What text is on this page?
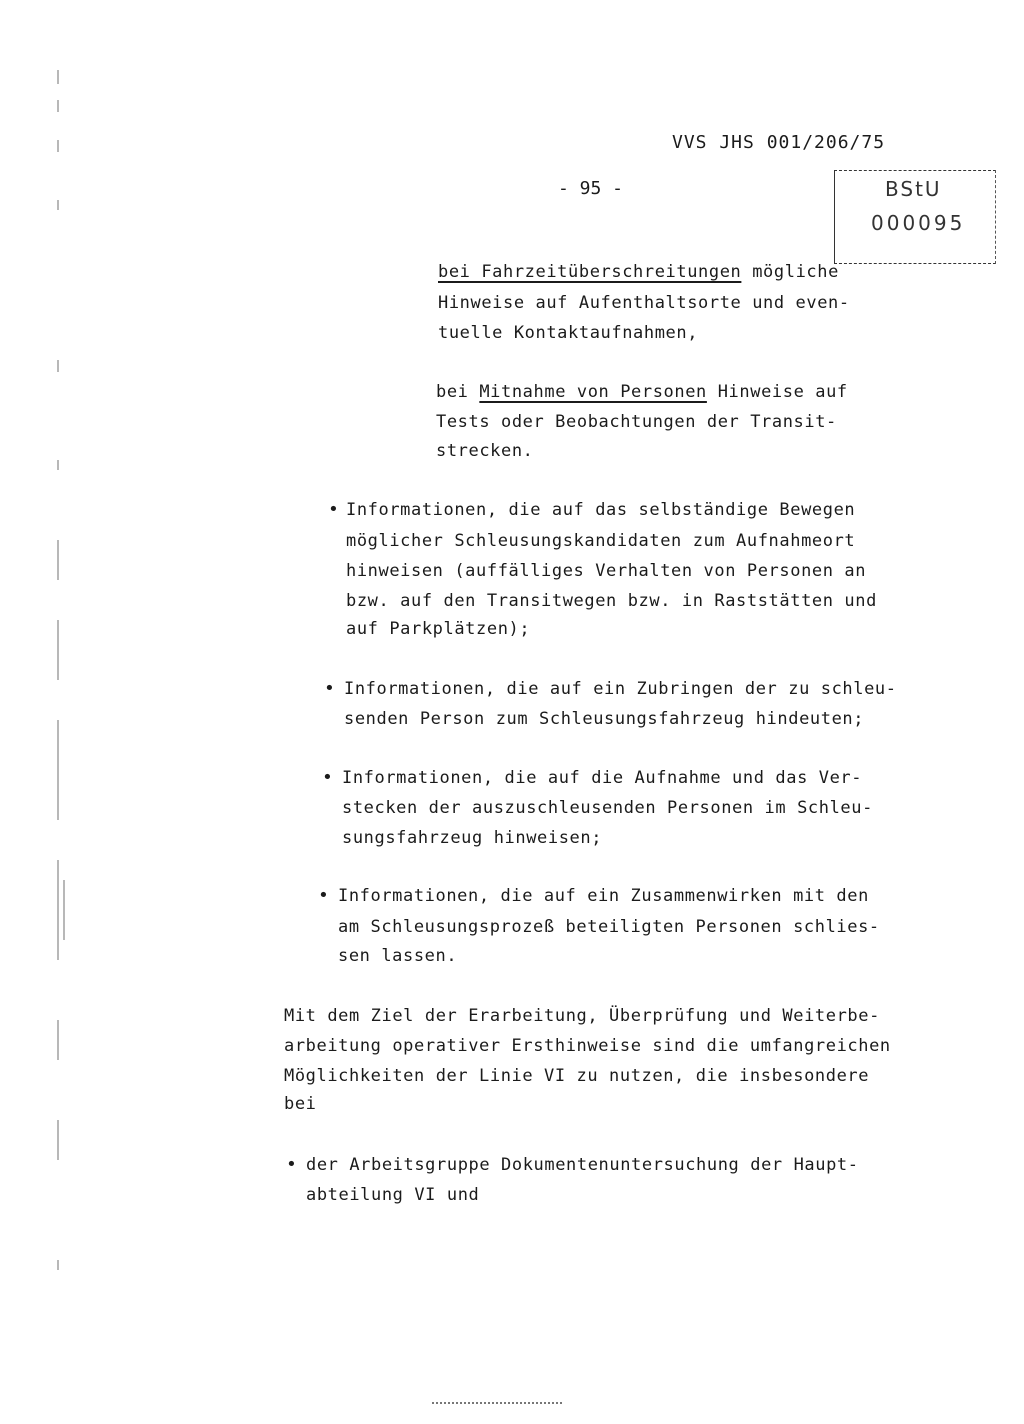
VVS JHS 001/206/75
- 95 -	BStU
000095
bei Fahrzeitüberschreitungen mögliche
Hinweise auf Aufenthaltsorte und even-
tuelle Kontaktaufnahmen,
bei Mitnahme von Personen Hinweise auf
Tests oder Beobachtungen der Transit-
strecken.
• Informationen, die auf das selbständige Bewegen
möglicher Schleusungskandidaten zum Aufnahmeort
hinweisen (auffälliges Verhalten von Personen an
bzw. auf den Transitwegen bzw. in Raststätten und
auf Parkplätzen);
• Informationen, die auf ein Zubringen der zu schleu-
senden Person zum Schleusungsfahrzeug hindeuten;
• Informationen, die auf die Aufnahme und das Ver-
stecken der auszuschleusenden Personen im Schleu-
sungsfahrzeug hinweisen;
• Informationen, die auf ein Zusammenwirken mit den
am Schleusungsprozeß beteiligten Personen schlies-
sen lassen.
Mit dem Ziel der Erarbeitung, Überprüfung und Weiterbe-
arbeitung operativer Ersthinweise sind die umfangreichen
Möglichkeiten der Linie VI zu nutzen, die insbesondere
bei
• der Arbeitsgruppe Dokumentenuntersuchung der Haupt-
abteilung VI und
